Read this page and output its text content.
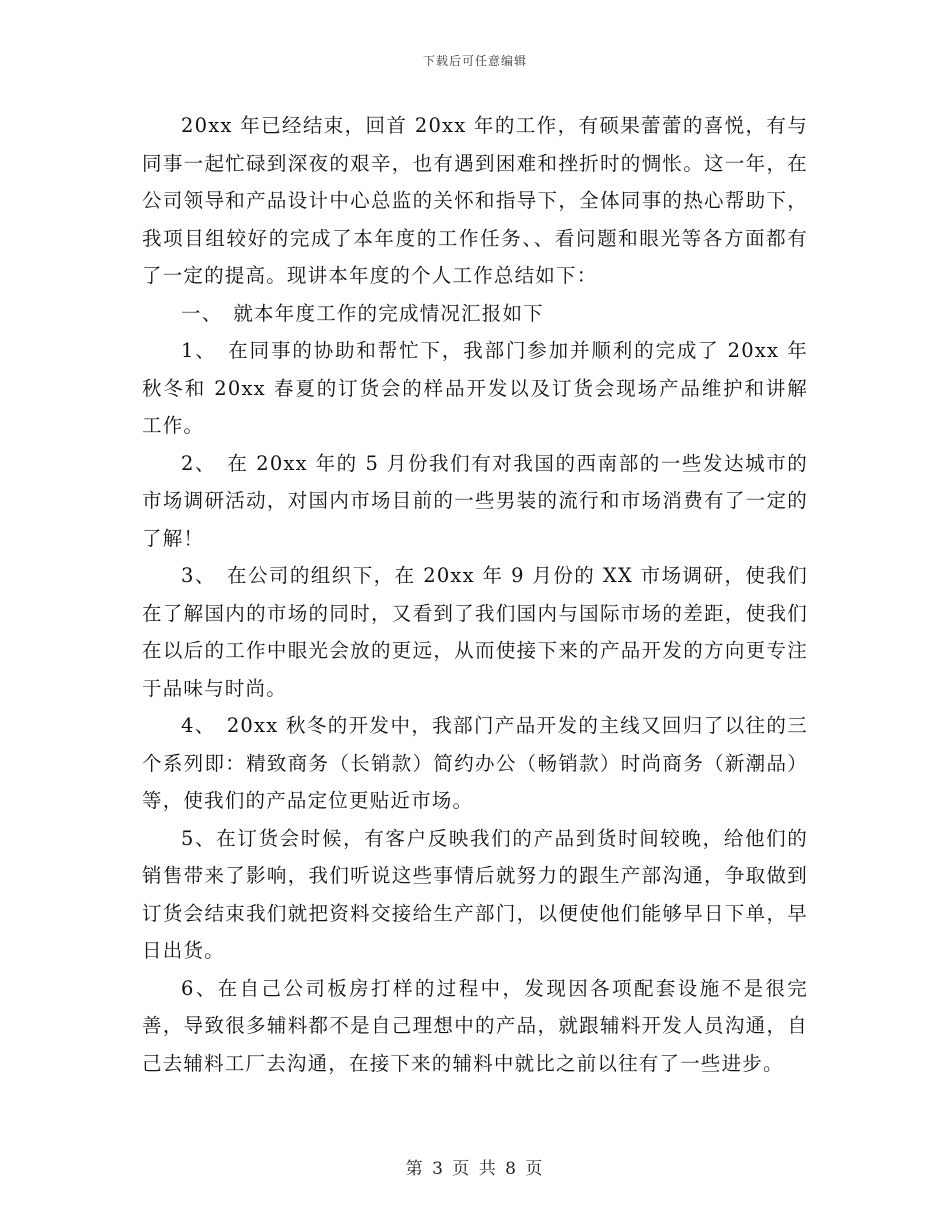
下载后可任意编辑

20xx 年已经结束，回首 20xx 年的工作，有硕果蕾蕾的喜悦，有与同事一起忙碌到深夜的艰辛，也有遇到困难和挫折时的惆怅。这一年，在公司领导和产品设计中心总监的关怀和指导下，全体同事的热心帮助下，我项目组较好的完成了本年度的工作任务、、看问题和眼光等各方面都有了一定的提高。现讲本年度的个人工作总结如下：

一、　就本年度工作的完成情况汇报如下

1、　在同事的协助和帮忙下，我部门参加并顺利的完成了 20xx 年秋冬和 20xx 春夏的订货会的样品开发以及订货会现场产品维护和讲解工作。

2、　在 20xx 年的 5 月份我们有对我国的西南部的一些发达城市的市场调研活动，对国内市场目前的一些男装的流行和市场消费有了一定的了解！

3、　在公司的组织下，在 20xx 年 9 月份的 XX 市场调研，使我们在了解国内的市场的同时，又看到了我们国内与国际市场的差距，使我们在以后的工作中眼光会放的更远，从而使接下来的产品开发的方向更专注于品味与时尚。

4、　20xx 秋冬的开发中，我部门产品开发的主线又回归了以往的三个系列即：精致商务（长销款）简约办公（畅销款）时尚商务（新潮品）等，使我们的产品定位更贴近市场。

5、在订货会时候，有客户反映我们的产品到货时间较晚，给他们的销售带来了影响，我们听说这些事情后就努力的跟生产部沟通，争取做到订货会结束我们就把资料交接给生产部门，以便使他们能够早日下单，早日出货。

6、在自己公司板房打样的过程中，发现因各项配套设施不是很完善，导致很多辅料都不是自己理想中的产品，就跟辅料开发人员沟通，自己去辅料工厂去沟通，在接下来的辅料中就比之前以往有了一些进步。

第 3 页 共 8 页
